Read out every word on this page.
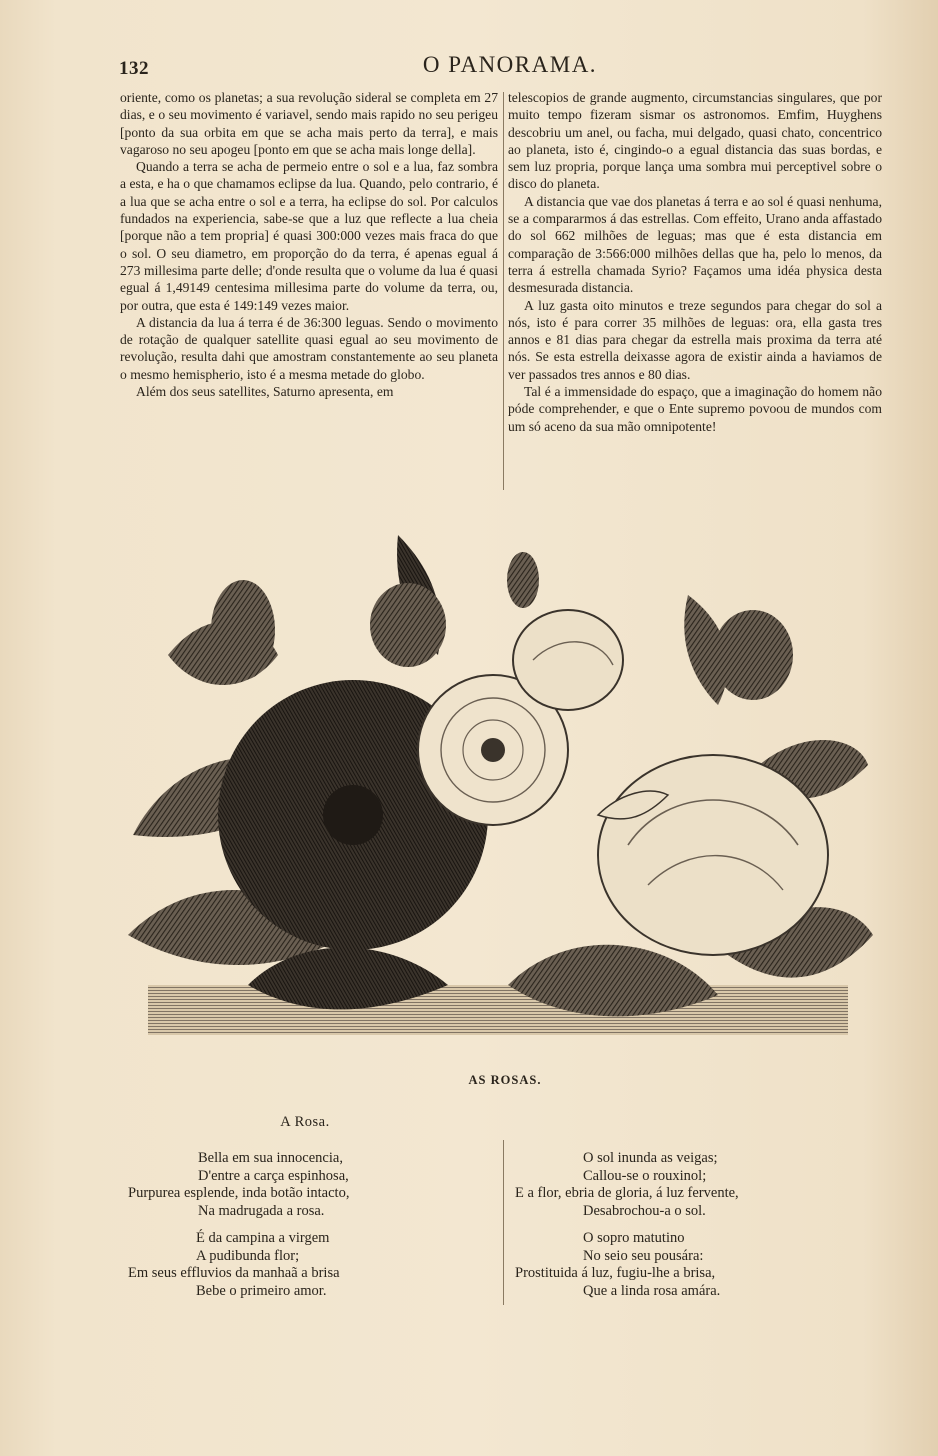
132	O PANORAMA.

oriente, como os planetas; a sua revolução sideral se completa em 27 dias, e o seu movimento é variavel, sendo mais rapido no seu perigeu [ponto da sua orbita em que se acha mais perto da terra], e mais vagaroso no seu apogeu [ponto em que se acha mais longe della].

Quando a terra se acha de permeio entre o sol e a lua, faz sombra a esta, e ha o que chamamos eclipse da lua. Quando, pelo contrario, é a lua que se acha entre o sol e a terra, ha eclipse do sol. Por calculos fundados na experiencia, sabe-se que a luz que reflecte a lua cheia [porque não a tem propria] é quasi 300:000 vezes mais fraca do que o sol. O seu diametro, em proporção do da terra, é apenas egual á 273 millesima parte delle; d'onde resulta que o volume da lua é quasi egual á 1,49149 centesima millesima parte do volume da terra, ou, por outra, que esta é 149:149 vezes maior.

A distancia da lua á terra é de 36:300 leguas. Sendo o movimento de rotação de qualquer satellite quasi egual ao seu movimento de revolução, resulta dahi que amostram constantemente ao seu planeta o mesmo hemispherio, isto é a mesma metade do globo.

Além dos seus satellites, Saturno apresenta, em

telescopios de grande augmento, circumstancias singulares, que por muito tempo fizeram sismar os astronomos. Emfim, Huyghens descobriu um anel, ou facha, mui delgado, quasi chato, concentrico ao planeta, isto é, cingindo-o a egual distancia das suas bordas, e sem luz propria, porque lança uma sombra mui perceptivel sobre o disco do planeta.

A distancia que vae dos planetas á terra e ao sol é quasi nenhuma, se a compararmos á das estrellas. Com effeito, Urano anda affastado do sol 662 milhões de leguas; mas que é esta distancia em comparação de 3:566:000 milhões dellas que ha, pelo lo menos, da terra á estrella chamada Syrio? Façamos uma idéa physica desta desmesurada distancia.

A luz gasta oito minutos e treze segundos para chegar do sol a nós, isto é para correr 35 milhões de leguas: ora, ella gasta tres annos e 81 dias para chegar da estrella mais proxima da terra até nós. Se esta estrella deixasse agora de existir ainda a haviamos de ver passados tres annos e 80 dias.

Tal é a immensidade do espaço, que a imaginação do homem não póde comprehender, e que o Ente supremo povoou de mundos com um só aceno da sua mão omnipotente!

AS ROSAS.
A Rosa.

Bella em sua innocencia,
D'entre a carça espinhosa,
Purpurea esplende, inda botão intacto,
Na madrugada a rosa.

É da campina a virgem
A pudibunda flor;
Em seus effluvios da manhaã a brisa
Bebe o primeiro amor.

O sol inunda as veigas;
Callou-se o rouxinol;
E a flor, ebria de gloria, á luz fervente,
Desabrochou-a o sol.

O sopro matutino
No seio seu pousára:
Prostituida á luz, fugiu-lhe a brisa,
Que a linda rosa amára.
